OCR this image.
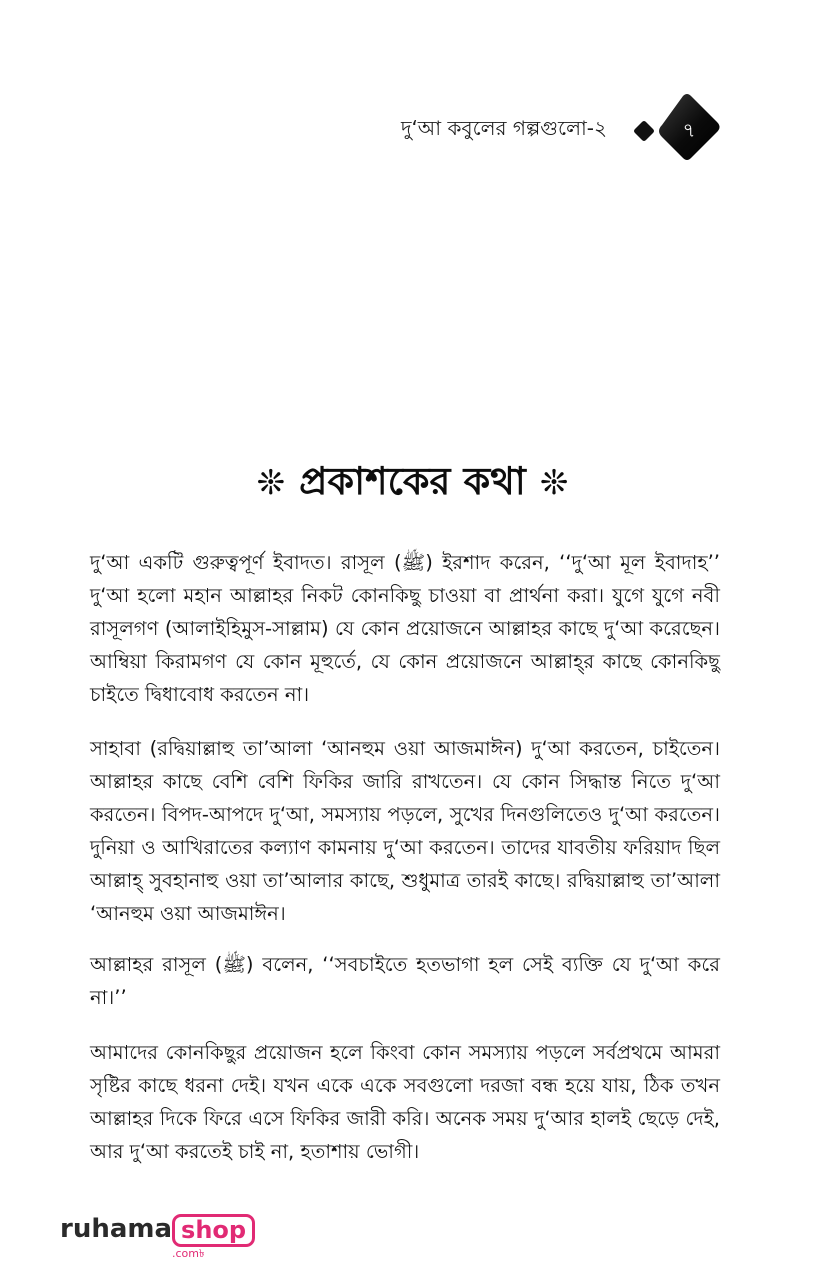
দু‘আ কবুলের গল্পগুলো-২	৭
❊ প্রকাশকের কথা ❊

দু‘আ একটি গুরুত্বপূর্ণ ইবাদত। রাসূল (ﷺ) ইরশাদ করেন, ‘‘দু‘আ মূল ইবাদাহ’’ দু‘আ হলো মহান আল্লাহর নিকট কোনকিছু চাওয়া বা প্রার্থনা করা। যুগে যুগে নবী রাসূলগণ (আলাইহিমুস-সাল্লাম) যে কোন প্রয়োজনে আল্লাহর কাছে দু‘আ করেছেন। আম্বিয়া কিরামগণ যে কোন মূহুর্তে, যে কোন প্রয়োজনে আল্লাহ্‌র কাছে কোনকিছু চাইতে দ্বিধাবোধ করতেন না।

সাহাবা (রদ্বিয়াল্লাহু তা’আলা ‘আনহুম ওয়া আজমাঈন) দু‘আ করতেন, চাইতেন। আল্লাহর কাছে বেশি বেশি ফিকির জারি রাখতেন। যে কোন সিদ্ধান্ত নিতে দু‘আ করতেন। বিপদ-আপদে দু‘আ, সমস্যায় পড়লে, সুখের দিনগুলিতেও দু‘আ করতেন। দুনিয়া ও আখিরাতের কল্যাণ কামনায় দু‘আ করতেন। তাদের যাবতীয় ফরিয়াদ ছিল আল্লাহ্‌ সুবহানাহু ওয়া তা’আলার কাছে, শুধুমাত্র তারই কাছে। রদ্বিয়াল্লাহু তা’আলা ‘আনহুম ওয়া আজমাঈন।

আল্লাহর রাসূল (ﷺ) বলেন, ‘‘সবচাইতে হতভাগা হল সেই ব্যক্তি যে দু‘আ করে না।’’

আমাদের কোনকিছুর প্রয়োজন হলে কিংবা কোন সমস্যায় পড়লে সর্বপ্রথমে আমরা সৃষ্টির কাছে ধরনা দেই। যখন একে একে সবগুলো দরজা বন্ধ হয়ে যায়, ঠিক তখন আল্লাহর দিকে ফিরে এসে ফিকির জারী করি। অনেক সময় দু‘আর হালই ছেড়ে দেই, আর দু‘আ করতেই চাই না, হতাশায় ভোগী।

ruhama shop
.com৳
